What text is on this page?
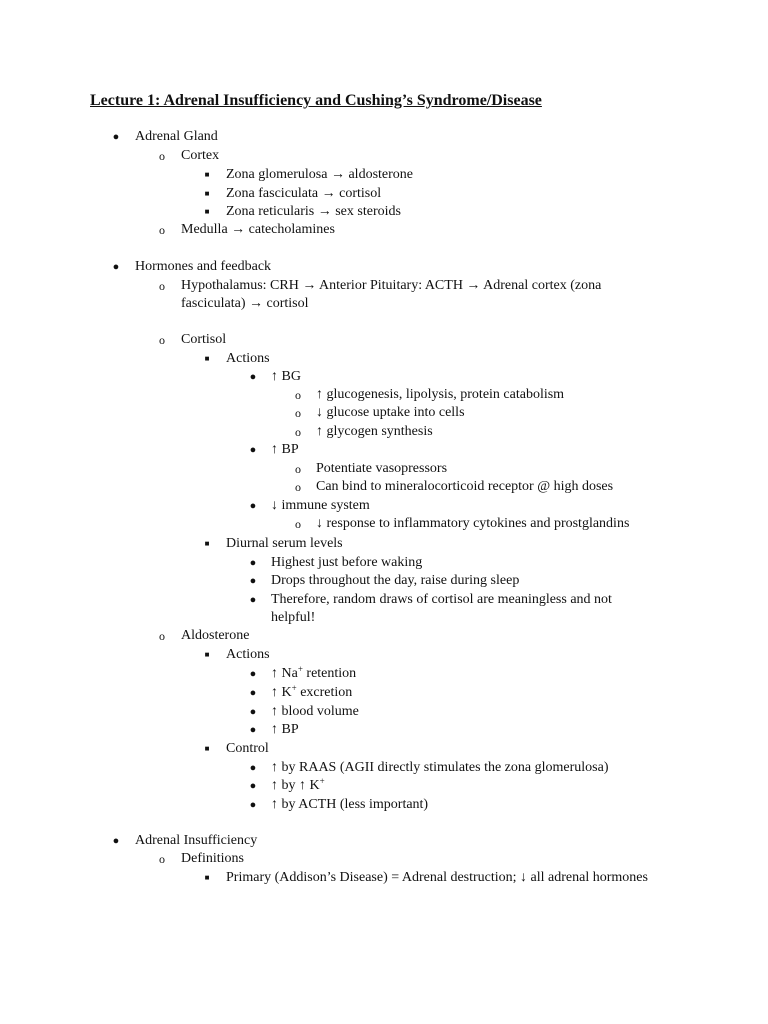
Lecture 1: Adrenal Insufficiency and Cushing’s Syndrome/Disease
●	Adrenal Gland
o	Cortex
■	Zona glomerulosa → aldosterone
■	Zona fasciculata → cortisol
■	Zona reticularis → sex steroids
o	Medulla → catecholamines
●	Hormones and feedback
o	Hypothalamus: CRH → Anterior Pituitary: ACTH → Adrenal cortex (zona
fasciculata) → cortisol
o	Cortisol
■	Actions
●	↑ BG
o	↑ glucogenesis, lipolysis, protein catabolism
o	↓ glucose uptake into cells
o	↑ glycogen synthesis
●	↑ BP
o	Potentiate vasopressors
o	Can bind to mineralocorticoid receptor @ high doses
●	↓ immune system
o	↓ response to inflammatory cytokines and prostglandins
■	Diurnal serum levels
●	Highest just before waking
●	Drops throughout the day, raise during sleep
●	Therefore, random draws of cortisol are meaningless and not
helpful!
o	Aldosterone
■	Actions
●	↑ Na+ retention
●	↑ K+ excretion
●	↑ blood volume
●	↑ BP
■	Control
●	↑ by RAAS (AGII directly stimulates the zona glomerulosa)
●	↑ by ↑ K+
●	↑ by ACTH (less important)
●	Adrenal Insufficiency
o	Definitions
■	Primary (Addison’s Disease) = Adrenal destruction; ↓ all adrenal hormones
